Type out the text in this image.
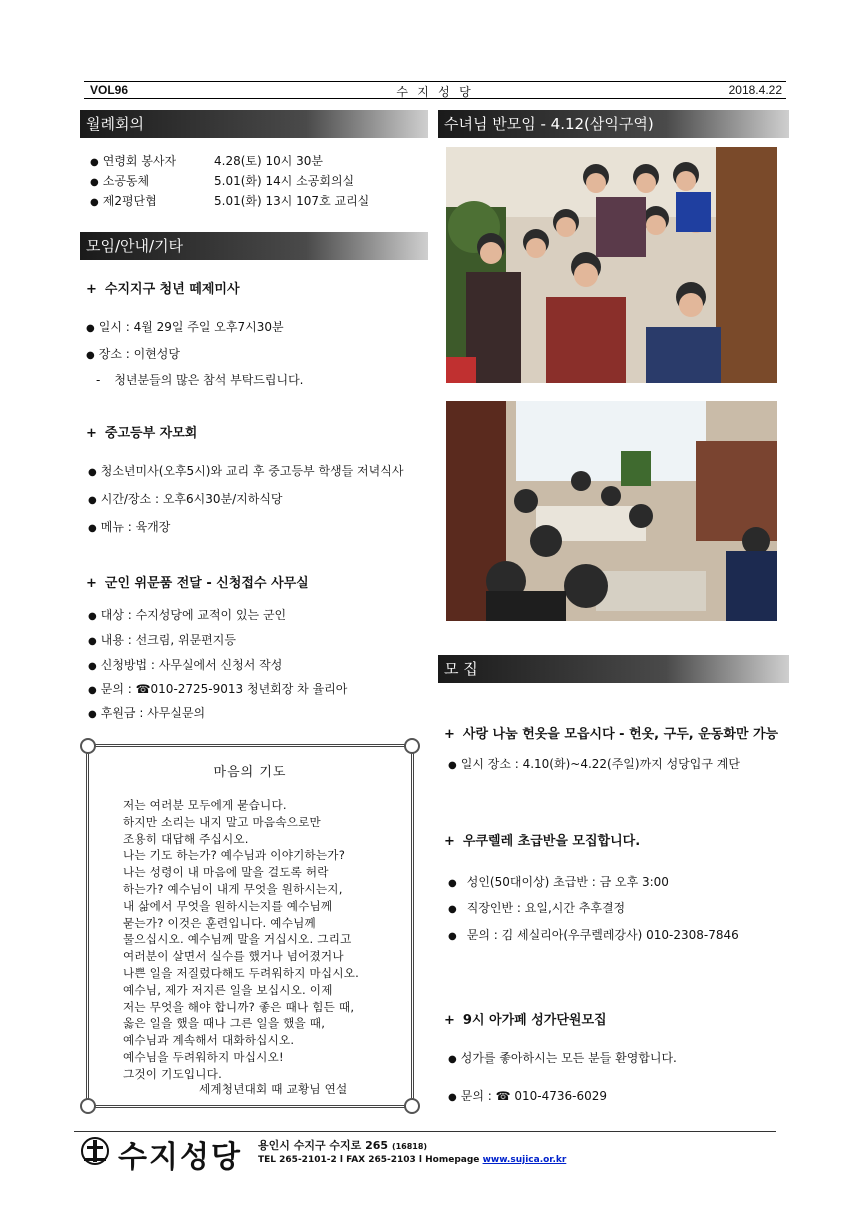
VOL96	수 지 성 당	2018.4.22
월례회의
● 연령회 봉사자	4.28(토) 10시 30분
● 소공동체	5.01(화) 14시 소공회의실
● 제2평단협	5.01(화) 13시 107호 교리실
모임/안내/기타
+ 수지지구 청년 떼제미사
● 일시 : 4월 29일 주일 오후7시30분
● 장소 : 이현성당
- 청년분들의 많은 참석 부탁드립니다.
+ 중고등부 자모회
● 청소년미사(오후5시)와 교리 후 중고등부 학생들 저녁식사
● 시간/장소 : 오후6시30분/지하식당
● 메뉴 : 육개장
+ 군인 위문품 전달 - 신청접수 사무실
● 대상 : 수지성당에 교적이 있는 군인
● 내용 : 선크림, 위문편지등
● 신청방법 : 사무실에서 신청서 작성
● 문의 : ☎010-2725-9013 청년회장 차 율리아
● 후원금 : 사무실문의
마음의 기도
저는 여러분 모두에게 묻습니다.
하지만 소리는 내지 말고 마음속으로만
조용히 대답해 주십시오.
나는 기도 하는가? 예수님과 이야기하는가?
나는 성령이 내 마음에 말을 걸도록 허락
하는가? 예수님이 내게 무엇을 원하시는지,
내 삶에서 무엇을 원하시는지를 예수님께
묻는가? 이것은 훈련입니다. 예수님께
물으십시오. 예수님께 말을 거십시오. 그리고
여러분이 살면서 실수를 했거나 넘어졌거나
나쁜 일을 저질렀다해도 두려워하지 마십시오.
예수님, 제가 저지른 일을 보십시오. 이제
저는 무엇을 해야 합니까? 좋은 때나 힘든 때,
옳은 일을 했을 때나 그른 일을 했을 때,
예수님과 계속해서 대화하십시오.
예수님을 두려워하지 마십시오!
그것이 기도입니다.
세계청년대회 때 교황님 연설
수녀님 반모임 - 4.12(삼익구역)
모 집
+ 사랑 나눔 헌옷을 모읍시다 - 헌옷, 구두, 운동화만 가능
● 일시 장소 : 4.10(화)~4.22(주일)까지 성당입구 계단
+ 우쿠렐레 초급반을 모집합니다.
● 성인(50대이상) 초급반 : 금 오후 3:00
● 직장인반 : 요일,시간 추후결정
● 문의 : 김 세실리아(우쿠렐레강사) 010-2308-7846
+ 9시 아가페 성가단원모집
● 성가를 좋아하시는 모든 분들 환영합니다.
● 문의 : ☎ 010-4736-6029
수지성당 용인시 수지구 수지로 265 (16818)
TEL 265-2101-2 l FAX 265-2103 l Homepage www.sujica.or.kr
